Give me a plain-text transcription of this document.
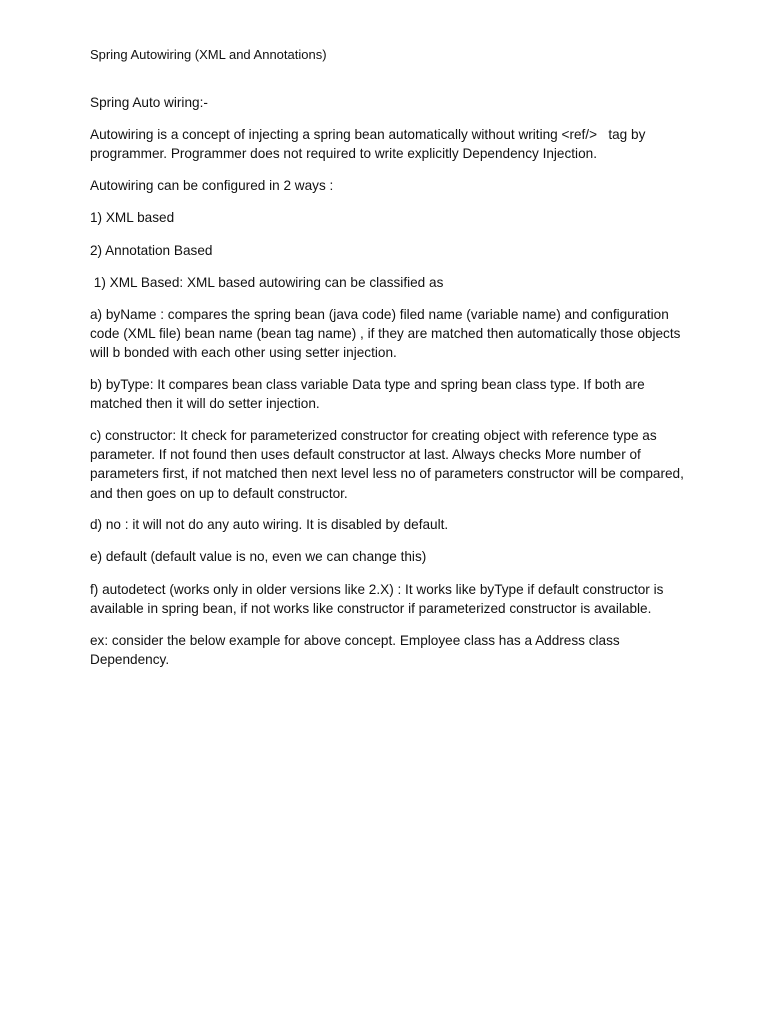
Spring Autowiring (XML and Annotations)

Spring Auto wiring:-

Autowiring is a concept of injecting a spring bean automatically without writing <ref/>   tag by programmer. Programmer does not required to write explicitly Dependency Injection.

Autowiring can be configured in 2 ways :

1) XML based

2) Annotation Based

1) XML Based: XML based autowiring can be classified as

a) byName : compares the spring bean (java code) filed name (variable name) and configuration code (XML file) bean name (bean tag name) , if they are matched then automatically those objects will b bonded with each other using setter injection.

b) byType: It compares bean class variable Data type and spring bean class type. If both are matched then it will do setter injection.

c) constructor: It check for parameterized constructor for creating object with reference type as parameter. If not found then uses default constructor at last. Always checks More number of parameters first, if not matched then next level less no of parameters constructor will be compared, and then goes on up to default constructor.

d) no : it will not do any auto wiring. It is disabled by default.

e) default (default value is no, even we can change this)

f) autodetect (works only in older versions like 2.X) : It works like byType if default constructor is available in spring bean, if not works like constructor if parameterized constructor is available.

ex: consider the below example for above concept. Employee class has a Address class Dependency.
